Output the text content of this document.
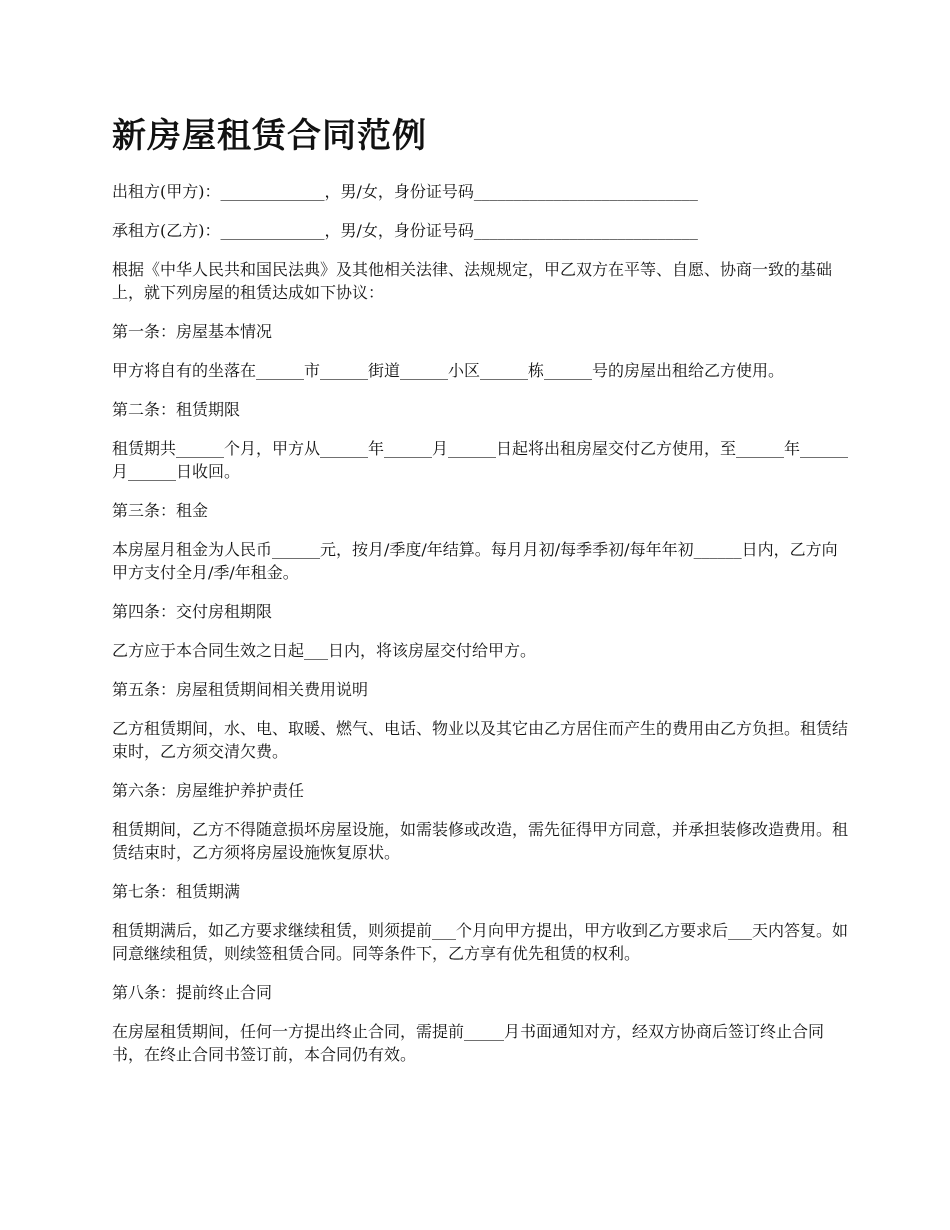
新房屋租赁合同范例

出租方(甲方)：_____________，男/女，身份证号码____________________________

承租方(乙方)：_____________，男/女，身份证号码____________________________

根据《中华人民共和国民法典》及其他相关法律、法规规定，甲乙双方在平等、自愿、协商一致的基础上，就下列房屋的租赁达成如下协议：

第一条：房屋基本情况

甲方将自有的坐落在______市______街道______小区______栋______号的房屋出租给乙方使用。

第二条：租赁期限

租赁期共______个月，甲方从______年______月______日起将出租房屋交付乙方使用，至______年______月______日收回。

第三条：租金

本房屋月租金为人民币______元，按月/季度/年结算。每月月初/每季季初/每年年初______日内，乙方向甲方支付全月/季/年租金。

第四条：交付房租期限

乙方应于本合同生效之日起___日内，将该房屋交付给甲方。

第五条：房屋租赁期间相关费用说明

乙方租赁期间，水、电、取暖、燃气、电话、物业以及其它由乙方居住而产生的费用由乙方负担。租赁结束时，乙方须交清欠费。

第六条：房屋维护养护责任

租赁期间，乙方不得随意损坏房屋设施，如需装修或改造，需先征得甲方同意，并承担装修改造费用。租赁结束时，乙方须将房屋设施恢复原状。

第七条：租赁期满

租赁期满后，如乙方要求继续租赁，则须提前___个月向甲方提出，甲方收到乙方要求后___天内答复。如同意继续租赁，则续签租赁合同。同等条件下，乙方享有优先租赁的权利。

第八条：提前终止合同

在房屋租赁期间，任何一方提出终止合同，需提前_____月书面通知对方，经双方协商后签订终止合同书，在终止合同书签订前，本合同仍有效。
